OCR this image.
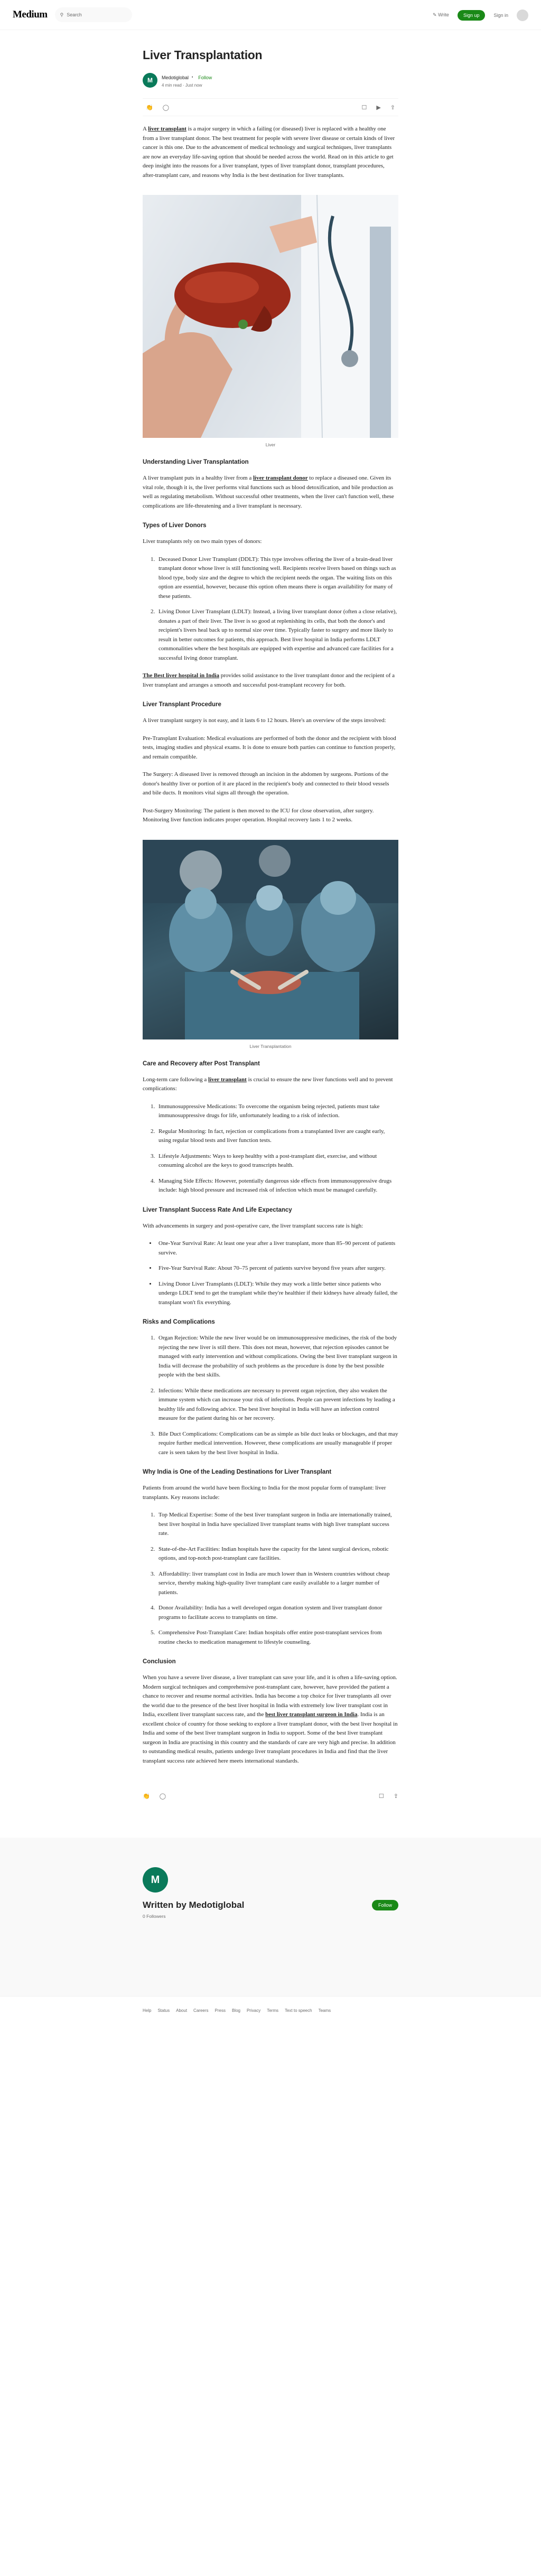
Medium	⚲ Search	✎ Write	Sign up	Sign in
Liver Transplantation
M	Medotiglobal · Follow
4 min read · Just now
👏 ◯	☐ ▶ ⇪

A liver transplant is a major surgery in which a failing (or diseased) liver is replaced with a healthy one from a liver transplant donor. The best treatment for people with severe liver disease or certain kinds of liver cancer is this one. Due to the advancement of medical technology and surgical techniques, liver transplants are now an everyday life-saving option that should be needed across the world. Read on in this article to get deep insight into the reasons for a liver transplant, types of liver transplant donor, transplant procedures, after-transplant care, and reasons why India is the best destination for liver transplants.

Liver
Understanding Liver Transplantation

A liver transplant puts in a healthy liver from a liver transplant donor to replace a diseased one. Given its vital role, though it is, the liver performs vital functions such as blood detoxification, and bile production as well as regulating metabolism. Without successful other treatments, when the liver can't function well, these complications are life-threatening and a liver transplant is necessary.

Types of Liver Donors

Liver transplants rely on two main types of donors:

1. Deceased Donor Liver Transplant (DDLT): This type involves offering the liver of a brain-dead liver transplant donor whose liver is still functioning well. Recipients receive livers based on things such as blood type, body size and the degree to which the recipient needs the organ. The waiting lists on this option are essential, however, because this option often means there is organ availability for many of these patients.
2. Living Donor Liver Transplant (LDLT): Instead, a living liver transplant donor (often a close relative), donates a part of their liver. The liver is so good at replenishing its cells, that both the donor's and recipient's livers heal back up to normal size over time. Typically faster to surgery and more likely to result in better outcomes for patients, this approach. Best liver hospital in India performs LDLT commonalities where the best hospitals are equipped with expertise and advanced care facilities for a successful living donor transplant.

The Best liver hospital in India provides solid assistance to the liver transplant donor and the recipient of a liver transplant and arranges a smooth and successful post-transplant recovery for both.

Liver Transplant Procedure

A liver transplant surgery is not easy, and it lasts 6 to 12 hours. Here's an overview of the steps involved:

Pre-Transplant Evaluation: Medical evaluations are performed of both the donor and the recipient with blood tests, imaging studies and physical exams. It is done to ensure both parties can continue to function properly, and remain compatible.

The Surgery: A diseased liver is removed through an incision in the abdomen by surgeons. Portions of the donor's healthy liver or portion of it are placed in the recipient's body and connected to their blood vessels and bile ducts. It monitors vital signs all through the operation.

Post-Surgery Monitoring: The patient is then moved to the ICU for close observation, after surgery. Monitoring liver function indicates proper operation. Hospital recovery lasts 1 to 2 weeks.

Liver Transplantation
Care and Recovery after Post Transplant

Long-term care following a liver transplant is crucial to ensure the new liver functions well and to prevent complications:

1. Immunosuppressive Medications: To overcome the organism being rejected, patients must take immunosuppressive drugs for life, unfortunately leading to a risk of infection.
2. Regular Monitoring: In fact, rejection or complications from a transplanted liver are caught early, using regular blood tests and liver function tests.
3. Lifestyle Adjustments: Ways to keep healthy with a post-transplant diet, exercise, and without consuming alcohol are the keys to good transcripts health.
4. Managing Side Effects: However, potentially dangerous side effects from immunosuppressive drugs include: high blood pressure and increased risk of infection which must be managed carefully.
Liver Transplant Success Rate And Life Expectancy

With advancements in surgery and post-operative care, the liver transplant success rate is high:

• One-Year Survival Rate: At least one year after a liver transplant, more than 85–90 percent of patients survive.
• Five-Year Survival Rate: About 70–75 percent of patients survive beyond five years after surgery.
• Living Donor Liver Transplants (LDLT): While they may work a little better since patients who undergo LDLT tend to get the transplant while they're healthier if their kidneys have already failed, the transplant won't fix everything.
Risks and Complications
1. Organ Rejection: While the new liver would be on immunosuppressive medicines, the risk of the body rejecting the new liver is still there. This does not mean, however, that rejection episodes cannot be managed with early intervention and without complications. Owing the best liver transplant surgeon in India will decrease the probability of such problems as the procedure is done by the best possible people with the best skills.
2. Infections: While these medications are necessary to prevent organ rejection, they also weaken the immune system which can increase your risk of infections. People can prevent infections by leading a healthy life and following advice. The best liver hospital in India will have an infection control measure for the patient during his or her recovery.
3. Bile Duct Complications: Complications can be as simple as bile duct leaks or blockages, and that may require further medical intervention. However, these complications are usually manageable if proper care is seen taken by the best liver hospital in India.
Why India is One of the Leading Destinations for Liver Transplant

Patients from around the world have been flocking to India for the most popular form of transplant: liver transplants. Key reasons include:

1. Top Medical Expertise: Some of the best liver transplant surgeon in India are internationally trained, best liver hospital in India have specialized liver transplant teams with high liver transplant success rate.
2. State-of-the-Art Facilities: Indian hospitals have the capacity for the latest surgical devices, robotic options, and top-notch post-transplant care facilities.
3. Affordability: liver transplant cost in India are much lower than in Western countries without cheap service, thereby making high-quality liver transplant care easily available to a larger number of patients.
4. Donor Availability: India has a well developed organ donation system and liver transplant donor programs to facilitate access to transplants on time.
5. Comprehensive Post-Transplant Care: Indian hospitals offer entire post-transplant services from routine checks to medication management to lifestyle counseling.
Conclusion

When you have a severe liver disease, a liver transplant can save your life, and it is often a life-saving option. Modern surgical techniques and comprehensive post-transplant care, however, have provided the patient a chance to recover and resume normal activities. India has become a top choice for liver transplants all over the world due to the presence of the best liver hospital in India with extremely low liver transplant cost in India, excellent liver transplant success rate, and the best liver transplant surgeon in India. India is an excellent choice of country for those seeking to explore a liver transplant donor, with the best liver hospital in India and some of the best liver transplant surgeon in India to support. Some of the best liver transplant surgeon in India are practising in this country and the standards of care are very high and precise. In addition to outstanding medical results, patients undergo liver transplant procedures in India and find that the liver transplant success rate achieved here meets international standards.

👏 ◯	☐ ⇪
M
Written by Medotiglobal	Follow
0 Followers
Help Status About Careers Press Blog Privacy Terms Text to speech Teams
